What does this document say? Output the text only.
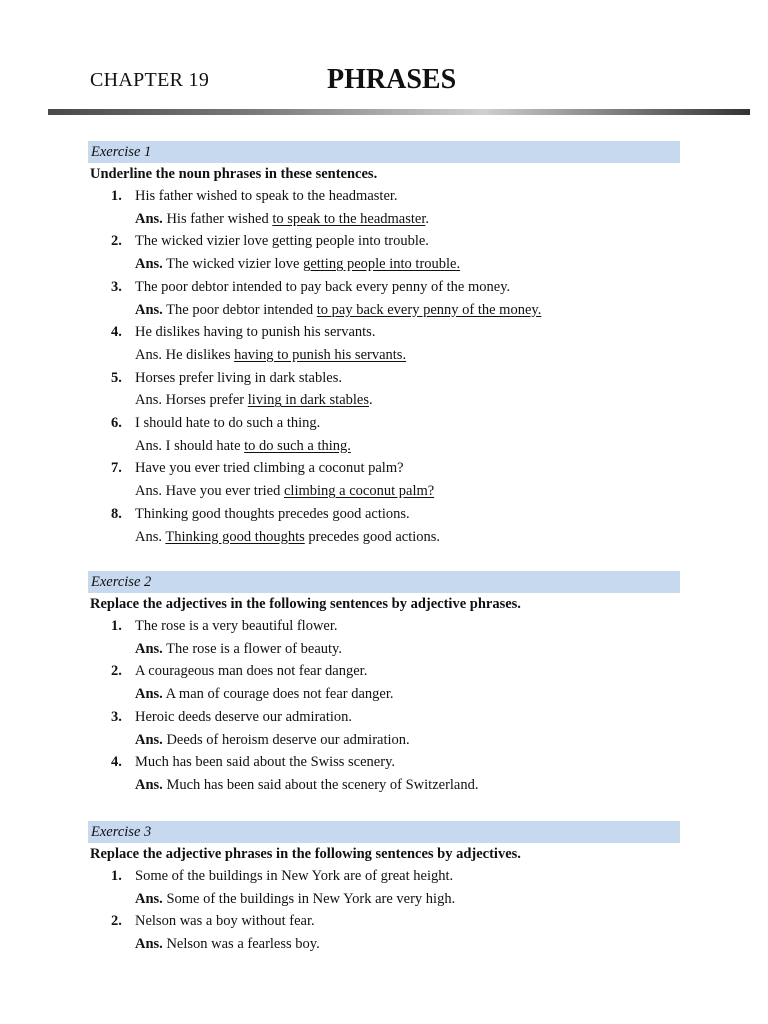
CHAPTER 19	PHRASES
Exercise 1
Underline the noun phrases in these sentences.
1. His father wished to speak to the headmaster.
Ans. His father wished to speak to the headmaster.
2. The wicked vizier love getting people into trouble.
Ans. The wicked vizier love getting people into trouble.
3. The poor debtor intended to pay back every penny of the money.
Ans. The poor debtor intended to pay back every penny of the money.
4. He dislikes having to punish his servants.
Ans. He dislikes having to punish his servants.
5. Horses prefer living in dark stables.
Ans. Horses prefer living in dark stables.
6. I should hate to do such a thing.
Ans. I should hate to do such a thing.
7. Have you ever tried climbing a coconut palm?
Ans. Have you ever tried climbing a coconut palm?
8. Thinking good thoughts precedes good actions.
Ans. Thinking good thoughts precedes good actions.
Exercise 2
Replace the adjectives in the following sentences by adjective phrases.
1. The rose is a very beautiful flower.
Ans. The rose is a flower of beauty.
2. A courageous man does not fear danger.
Ans. A man of courage does not fear danger.
3. Heroic deeds deserve our admiration.
Ans. Deeds of heroism deserve our admiration.
4. Much has been said about the Swiss scenery.
Ans. Much has been said about the scenery of Switzerland.
Exercise 3
Replace the adjective phrases in the following sentences by adjectives.
1. Some of the buildings in New York are of great height.
Ans. Some of the buildings in New York are very high.
2. Nelson was a boy without fear.
Ans. Nelson was a fearless boy.
